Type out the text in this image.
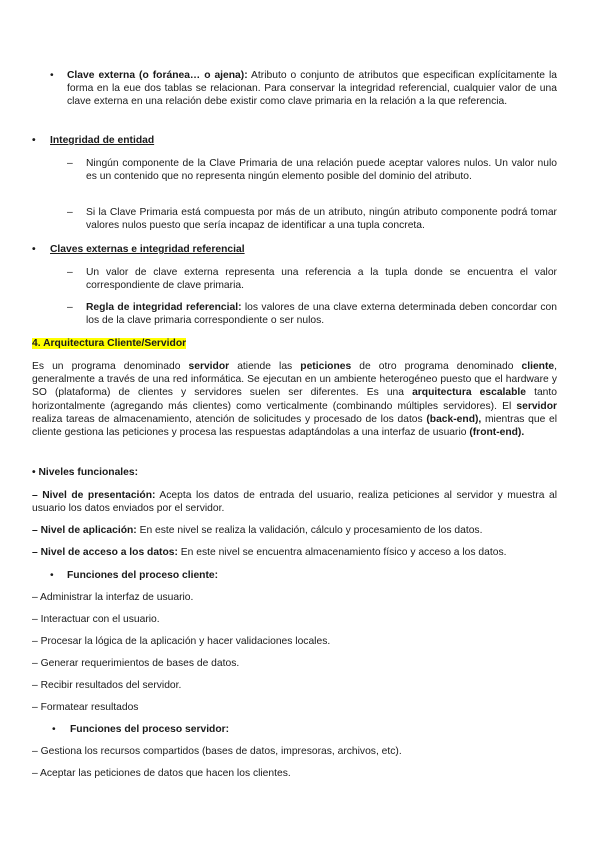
• Clave externa (o foránea… o ajena): Atributo o conjunto de atributos que especifican explícitamente la forma en la eue dos tablas se relacionan. Para conservar la integridad referencial, cualquier valor de una clave externa en una relación debe existir como clave primaria en la relación a la que referencia.
• Integridad de entidad
– Ningún componente de la Clave Primaria de una relación puede aceptar valores nulos. Un valor nulo es un contenido que no representa ningún elemento posible del dominio del atributo.
– Si la Clave Primaria está compuesta por más de un atributo, ningún atributo componente podrá tomar valores nulos puesto que sería incapaz de identificar a una tupla concreta.
• Claves externas e integridad referencial
– Un valor de clave externa representa una referencia a la tupla donde se encuentra el valor correspondiente de clave primaria.
– Regla de integridad referencial: los valores de una clave externa determinada deben concordar con los de la clave primaria correspondiente o ser nulos.
4. Arquitectura Cliente/Servidor
Es un programa denominado servidor atiende las peticiones de otro programa denominado cliente, generalmente a través de una red informática. Se ejecutan en un ambiente heterogéneo puesto que el hardware y SO (plataforma) de clientes y servidores suelen ser diferentes. Es una arquitectura escalable tanto horizontalmente (agregando más clientes) como verticalmente (combinando múltiples servidores). El servidor realiza tareas de almacenamiento, atención de solicitudes y procesado de los datos (back-end), mientras que el cliente gestiona las peticiones y procesa las respuestas adaptándolas a una interfaz de usuario (front-end).
• Niveles funcionales:
– Nivel de presentación: Acepta los datos de entrada del usuario, realiza peticiones al servidor y muestra al usuario los datos enviados por el servidor.
– Nivel de aplicación: En este nivel se realiza la validación, cálculo y procesamiento de los datos.
– Nivel de acceso a los datos: En este nivel se encuentra almacenamiento físico y acceso a los datos.
• Funciones del proceso cliente:
– Administrar la interfaz de usuario.
– Interactuar con el usuario.
– Procesar la lógica de la aplicación y hacer validaciones locales.
– Generar requerimientos de bases de datos.
– Recibir resultados del servidor.
– Formatear resultados
• Funciones del proceso servidor:
– Gestiona los recursos compartidos (bases de datos, impresoras, archivos, etc).
– Aceptar las peticiones de datos que hacen los clientes.
